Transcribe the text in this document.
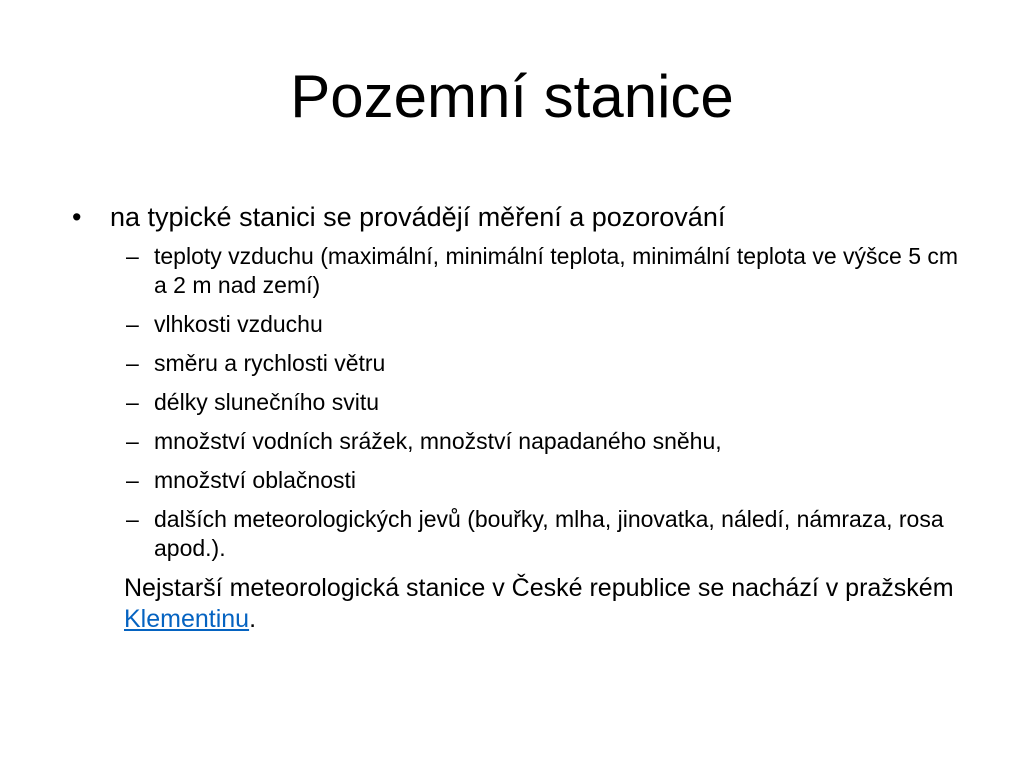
Pozemní stanice
• na typické stanici se provádějí měření a pozorování
– teploty vzduchu (maximální, minimální teplota, minimální teplota ve výšce 5 cm a 2 m nad zemí)
– vlhkosti vzduchu
– směru a rychlosti větru
– délky slunečního svitu
– množství vodních srážek, množství napadaného sněhu,
– množství oblačnosti
– dalších meteorologických jevů (bouřky, mlha, jinovatka, náledí, námraza, rosa apod.).
Nejstarší meteorologická stanice v České republice se nachází v pražském Klementinu.
